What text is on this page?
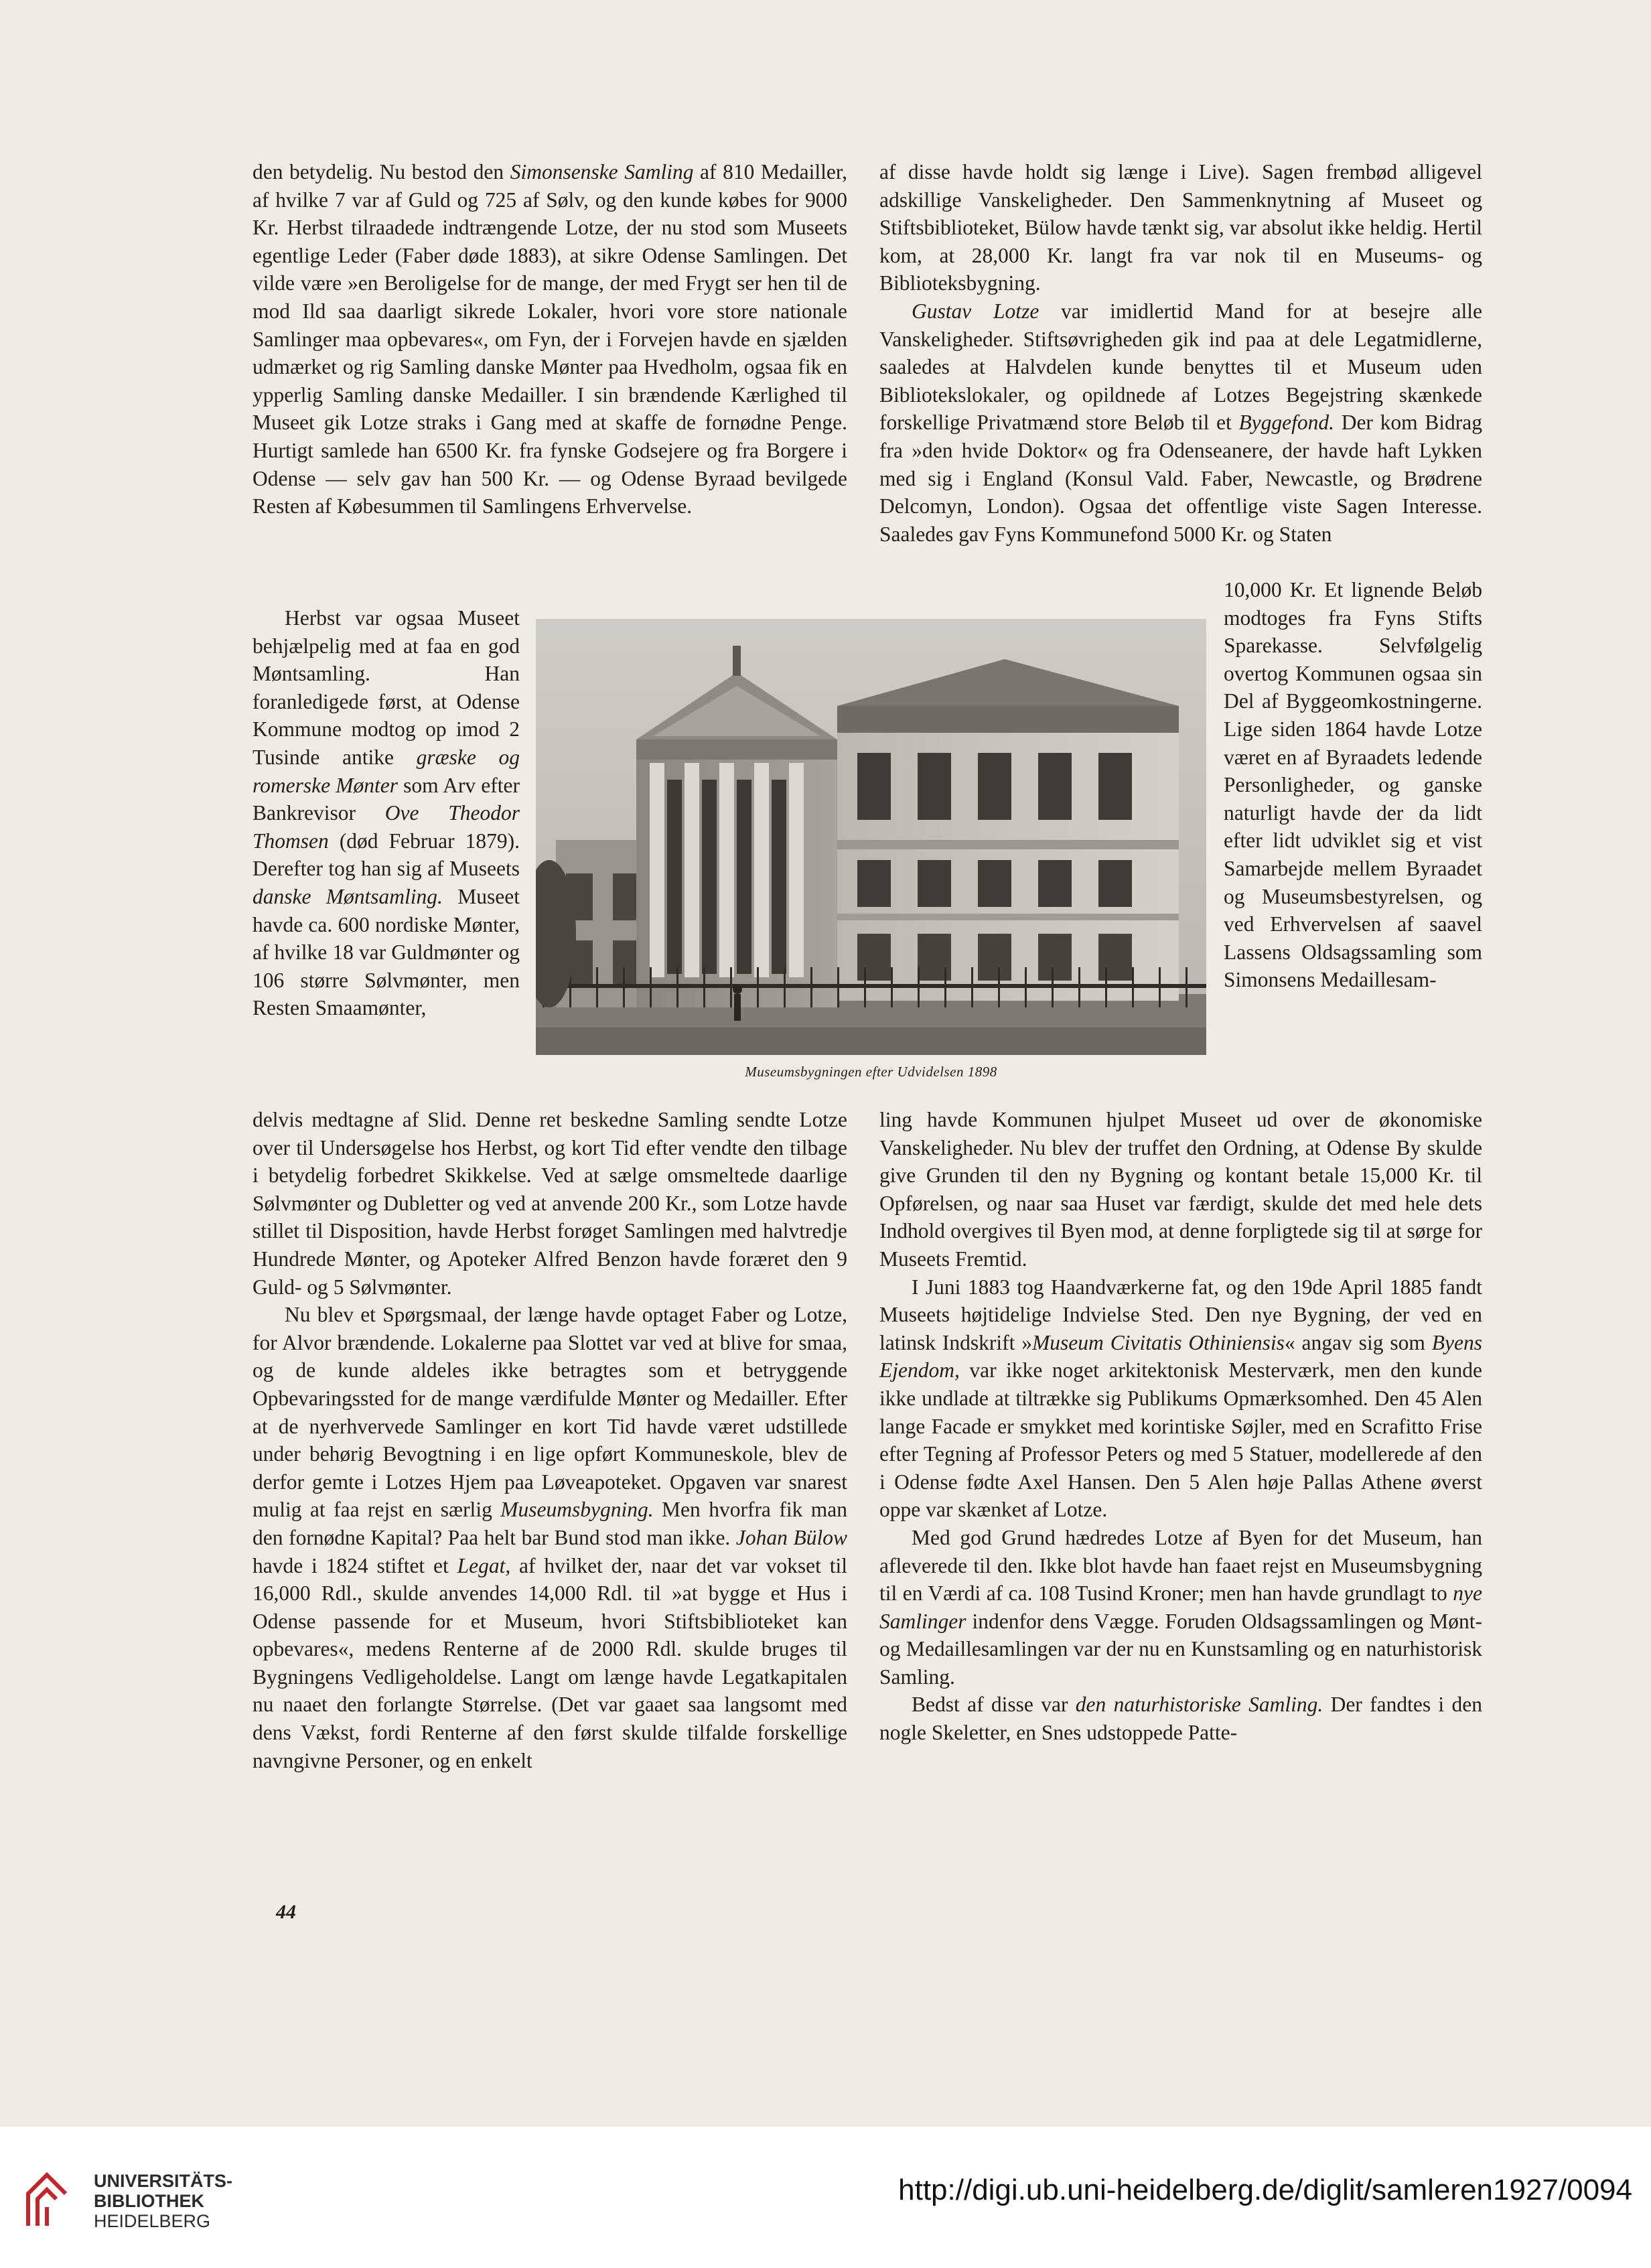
den betydelig. Nu bestod den Simonsenske Samling af 810 Medailler, af hvilke 7 var af Guld og 725 af Sølv, og den kunde købes for 9000 Kr. Herbst tilraadede indtrængende Lotze, der nu stod som Museets egentlige Leder (Faber døde 1883), at sikre Odense Samlingen. Det vilde være »en Beroligelse for de mange, der med Frygt ser hen til de mod Ild saa daarligt sikrede Lokaler, hvori vore store nationale Samlinger maa opbevares«, om Fyn, der i Forvejen havde en sjælden udmærket og rig Samling danske Mønter paa Hvedholm, ogsaa fik en ypperlig Samling danske Medailler. I sin brændende Kærlighed til Museet gik Lotze straks i Gang med at skaffe de fornødne Penge. Hurtigt samlede han 6500 Kr. fra fynske Godsejere og fra Borgere i Odense — selv gav han 500 Kr. — og Odense Byraad bevilgede Resten af Købesummen til Samlingens Erhvervelse.

Herbst var ogsaa Museet behjælpelig med at faa en god Møntsamling. Han foranledigede først, at Odense Kommune modtog op imod 2 Tusinde antike græske og romerske Mønter som Arv efter Bankrevisor Ove Theodor Thomsen (død Februar 1879). Derefter tog han sig af Museets danske Møntsamling. Museet havde ca. 600 nordiske Mønter, af hvilke 18 var Guldmønter og 106 større Sølvmønter, men Resten Smaamønter,

delvis medtagne af Slid. Denne ret beskedne Samling sendte Lotze over til Undersøgelse hos Herbst, og kort Tid efter vendte den tilbage i betydelig forbedret Skikkelse. Ved at sælge omsmeltede daarlige Sølvmønter og Dubletter og ved at anvende 200 Kr., som Lotze havde stillet til Disposition, havde Herbst forøget Samlingen med halvtredje Hundrede Mønter, og Apoteker Alfred Benzon havde foræret den 9 Guld- og 5 Sølvmønter.

Nu blev et Spørgsmaal, der længe havde optaget Faber og Lotze, for Alvor brændende. Lokalerne paa Slottet var ved at blive for smaa, og de kunde aldeles ikke betragtes som et betryggende Opbevaringssted for de mange værdifulde Mønter og Medailler. Efter at de nyerhvervede Samlinger en kort Tid havde været udstillede under behørig Bevogtning i en lige opført Kommuneskole, blev de derfor gemte i Lotzes Hjem paa Løveapoteket. Opgaven var snarest mulig at faa rejst en særlig Museumsbygning. Men hvorfra fik man den fornødne Kapital? Paa helt bar Bund stod man ikke. Johan Bülow havde i 1824 stiftet et Legat, af hvilket der, naar det var vokset til 16,000 Rdl., skulde anvendes 14,000 Rdl. til »at bygge et Hus i Odense passende for et Museum, hvori Stiftsbiblioteket kan opbevares«, medens Renterne af de 2000 Rdl. skulde bruges til Bygningens Vedligeholdelse. Langt om længe havde Legatkapitalen nu naaet den forlangte Størrelse. (Det var gaaet saa langsomt med dens Vækst, fordi Renterne af den først skulde tilfalde forskellige navngivne Personer, og en enkelt

af disse havde holdt sig længe i Live). Sagen frembød alligevel adskillige Vanskeligheder. Den Sammenknytning af Museet og Stiftsbiblioteket, Bülow havde tænkt sig, var absolut ikke heldig. Hertil kom, at 28,000 Kr. langt fra var nok til en Museums- og Biblioteksbygning.

Gustav Lotze var imidlertid Mand for at besejre alle Vanskeligheder. Stiftsøvrigheden gik ind paa at dele Legatmidlerne, saaledes at Halvdelen kunde benyttes til et Museum uden Bibliotekslokaler, og opildnede af Lotzes Begejstring skænkede forskellige Privatmænd store Beløb til et Byggefond. Der kom Bidrag fra »den hvide Doktor« og fra Odenseanere, der havde haft Lykken med sig i England (Konsul Vald. Faber, Newcastle, og Brødrene Delcomyn, London). Ogsaa det offentlige viste Sagen Interesse. Saaledes gav Fyns Kommunefond 5000 Kr. og Staten

10,000 Kr. Et lignende Beløb modtoges fra Fyns Stifts Sparekasse. Selvfølgelig overtog Kommunen ogsaa sin Del af Byggeomkostningerne. Lige siden 1864 havde Lotze været en af Byraadets ledende Personligheder, og ganske naturligt havde der da lidt efter lidt udviklet sig et vist Samarbejde mellem Byraadet og Museumsbestyrelsen, og ved Erhvervelsen af saavel Lassens Oldsagssamling som Simonsens Medaillesam-

ling havde Kommunen hjulpet Museet ud over de økonomiske Vanskeligheder. Nu blev der truffet den Ordning, at Odense By skulde give Grunden til den ny Bygning og kontant betale 15,000 Kr. til Opførelsen, og naar saa Huset var færdigt, skulde det med hele dets Indhold overgives til Byen mod, at denne forpligtede sig til at sørge for Museets Fremtid.

I Juni 1883 tog Haandværkerne fat, og den 19de April 1885 fandt Museets højtidelige Indvielse Sted. Den nye Bygning, der ved en latinsk Indskrift »Museum Civitatis Othiniensis« angav sig som Byens Ejendom, var ikke noget arkitektonisk Mesterværk, men den kunde ikke undlade at tiltrække sig Publikums Opmærksomhed. Den 45 Alen lange Facade er smykket med korintiske Søjler, med en Scrafitto Frise efter Tegning af Professor Peters og med 5 Statuer, modellerede af den i Odense fødte Axel Hansen. Den 5 Alen høje Pallas Athene øverst oppe var skænket af Lotze.

Med god Grund hædredes Lotze af Byen for det Museum, han afleverede til den. Ikke blot havde han faaet rejst en Museumsbygning til en Værdi af ca. 108 Tusind Kroner; men han havde grundlagt to nye Samlinger indenfor dens Vægge. Foruden Oldsagssamlingen og Mønt- og Medaillesamlingen var der nu en Kunstsamling og en naturhistorisk Samling.

Bedst af disse var den naturhistoriske Samling. Der fandtes i den nogle Skeletter, en Snes udstoppede Patte-

Museumsbygningen efter Udvidelsen 1898
44
UNIVERSITÄTS-
BIBLIOTHEK
HEIDELBERG
http://digi.ub.uni-heidelberg.de/diglit/samleren1927/0094
